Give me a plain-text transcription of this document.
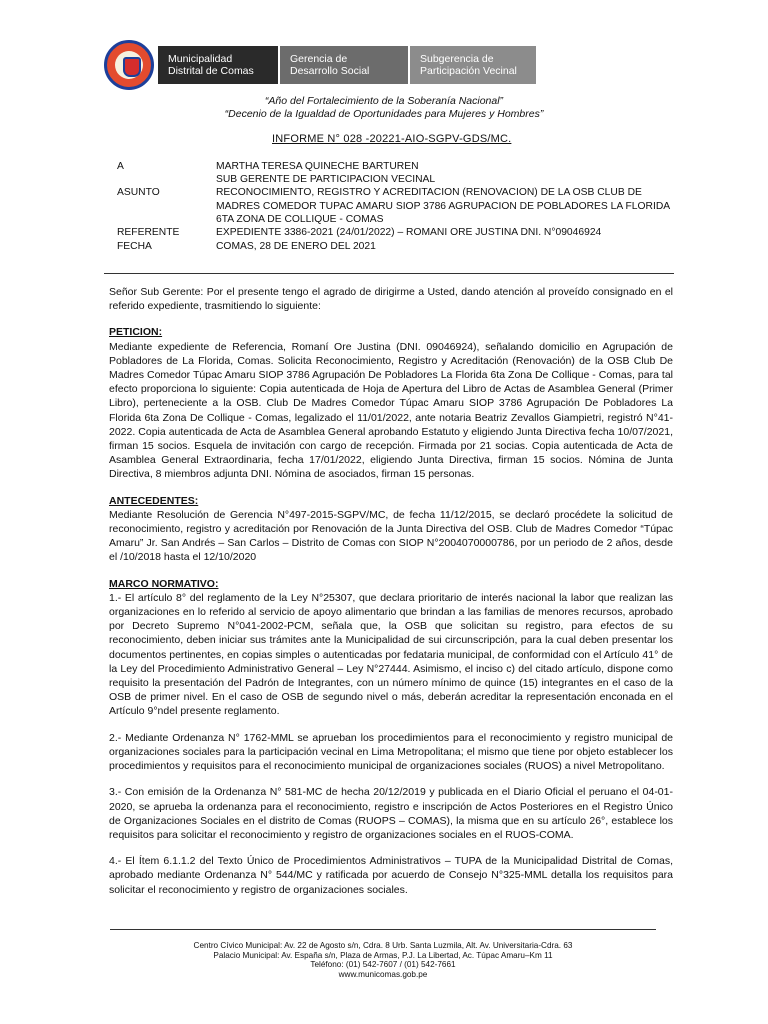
Municipalidad
Distrital de Comas
Gerencia de
Desarrollo Social
Subgerencia de
Participación Vecinal
“Año del Fortalecimiento de la Soberanía Nacional”
“Decenio de la Igualdad de Oportunidades para Mujeres y Hombres”
INFORME N° 028 -20221-AIO-SGPV-GDS/MC.
A	MARTHA TERESA QUINECHE BARTUREN
SUB GERENTE DE PARTICIPACION VECINAL
ASUNTO	RECONOCIMIENTO, REGISTRO Y ACREDITACION (RENOVACION) DE LA OSB CLUB DE MADRES COMEDOR TUPAC AMARU SIOP 3786 AGRUPACION DE POBLADORES LA FLORIDA 6TA ZONA DE COLLIQUE - COMAS
REFERENTE	EXPEDIENTE 3386-2021 (24/01/2022) – ROMANI ORE JUSTINA DNI. N°09046924
FECHA	COMAS, 28 DE ENERO DEL 2021

Señor Sub Gerente: Por el presente tengo el agrado de dirigirme a Usted, dando atención al proveído consignado en el referido expediente, trasmitiendo lo siguiente:

PETICION:

Mediante expediente de Referencia, Romaní Ore Justina (DNI. 09046924), señalando domicilio en Agrupación de Pobladores de La Florida, Comas. Solicita Reconocimiento, Registro y Acreditación (Renovación) de la OSB Club De Madres Comedor Túpac Amaru SIOP 3786 Agrupación De Pobladores La Florida 6ta Zona De Collique - Comas, para tal efecto proporciona lo siguiente: Copia autenticada de Hoja de Apertura del Libro de Actas de Asamblea General (Primer Libro), perteneciente a la OSB. Club De Madres Comedor Túpac Amaru SIOP 3786 Agrupación De Pobladores La Florida 6ta Zona De Collique - Comas, legalizado el 11/01/2022, ante notaria Beatriz Zevallos Giampietri, registró N°41-2022. Copia autenticada de Acta de Asamblea General aprobando Estatuto y eligiendo Junta Directiva fecha 10/07/2021, firman 15 socios. Esquela de invitación con cargo de recepción. Firmada por 21 socias. Copia autenticada de Acta de Asamblea General Extraordinaria, fecha 17/01/2022, eligiendo Junta Directiva, firman 15 socios. Nómina de Junta Directiva, 8 miembros adjunta DNI. Nómina de asociados, firman 15 personas.

ANTECEDENTES:

Mediante Resolución de Gerencia N°497-2015-SGPV/MC, de fecha 11/12/2015, se declaró procédete la solicitud de reconocimiento, registro y acreditación por Renovación de la Junta Directiva del OSB. Club de Madres Comedor “Túpac Amaru” Jr. San Andrés – San Carlos – Distrito de Comas con SIOP N°2004070000786, por un periodo de 2 años, desde el /10/2018 hasta el 12/10/2020

MARCO NORMATIVO:

1.- El artículo 8° del reglamento de la Ley N°25307, que declara prioritario de interés nacional la labor que realizan las organizaciones en lo referido al servicio de apoyo alimentario que brindan a las familias de menores recursos, aprobado por Decreto Supremo N°041-2002-PCM, señala que, la OSB que solicitan su registro, para efectos de su reconocimiento, deben iniciar sus trámites ante la Municipalidad de sui circunscripción, para la cual deben presentar los documentos pertinentes, en copias simples o autenticadas por fedataria municipal, de conformidad con el Artículo 41° de la Ley del Procedimiento Administrativo General – Ley N°27444. Asimismo, el inciso c) del citado artículo, dispone como requisito la presentación del Padrón de Integrantes, con un número mínimo de quince (15) integrantes en el caso de la OSB de primer nivel. En el caso de OSB de segundo nivel o más, deberán acreditar la representación enconada en el Artículo 9°ndel presente reglamento.

2.- Mediante Ordenanza N° 1762-MML se aprueban los procedimientos para el reconocimiento y registro municipal de organizaciones sociales para la participación vecinal en Lima Metropolitana; el mismo que tiene por objeto establecer los procedimientos y requisitos para el reconocimiento municipal de organizaciones sociales (RUOS) a nivel Metropolitano.

3.- Con emisión de la Ordenanza N° 581-MC de hecha 20/12/2019 y publicada en el Diario Oficial el peruano el 04-01-2020, se aprueba la ordenanza para el reconocimiento, registro e inscripción de Actos Posteriores en el Registro Único de Organizaciones Sociales en el distrito de Comas (RUOPS – COMAS), la misma que en su artículo 26°, establece los requisitos para solicitar el reconocimiento y registro de organizaciones sociales en el RUOS-COMA.

4.- El Ítem 6.1.1.2 del Texto Único de Procedimientos Administrativos – TUPA de la Municipalidad Distrital de Comas, aprobado mediante Ordenanza N° 544/MC y ratificada por acuerdo de Consejo N°325-MML detalla los requisitos para solicitar el reconocimiento y registro de organizaciones sociales.

Centro Cívico Municipal: Av. 22 de Agosto s/n, Cdra. 8 Urb. Santa Luzmila, Alt. Av. Universitaria-Cdra. 63
Palacio Municipal: Av. España s/n, Plaza de Armas, P.J. La Libertad, Ac. Túpac Amaru–Km 11
Teléfono: (01) 542-7607 / (01) 542-7661
www.municomas.gob.pe
